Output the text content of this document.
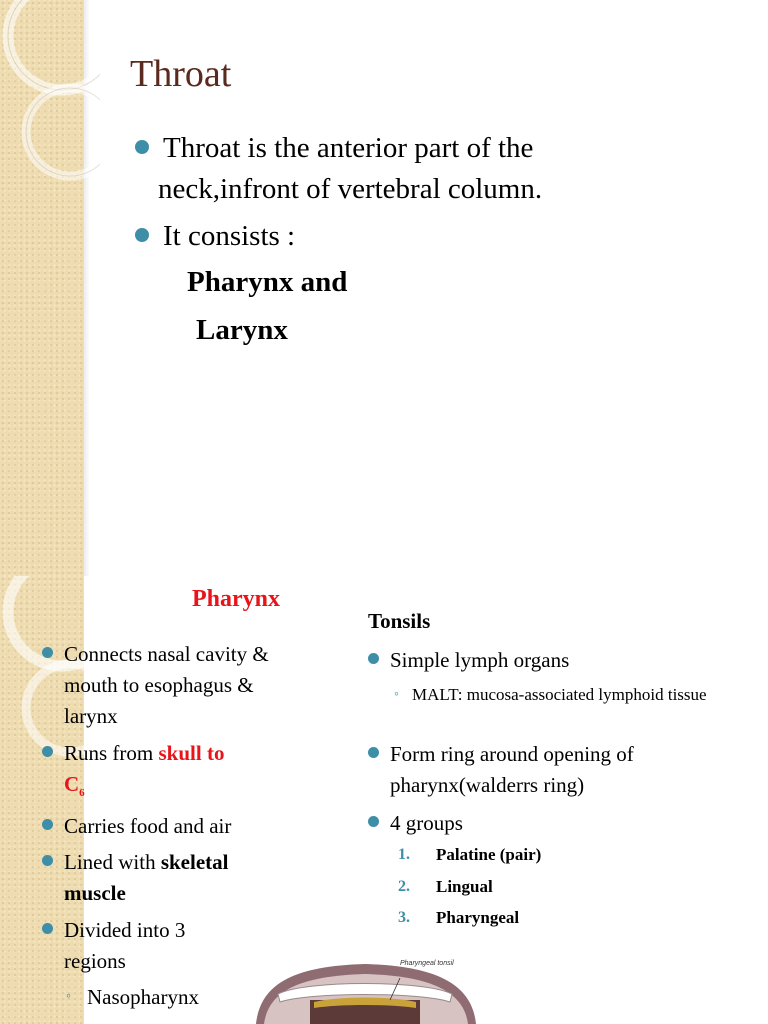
Throat
Throat is the anterior part of the
neck,infront of vertebral column.
It consists :
Pharynx and
Larynx
Pharynx
Connects nasal cavity & mouth to esophagus & larynx
Runs from skull to
$C_6$
Carries food and air
Lined with skeletal muscle
Divided into 3 regions
◦ Nasopharynx
Tonsils
Simple lymph organs
◦ MALT: mucosa-associated lymphoid tissue
Form ring around opening of pharynx(walderrs ring)
4 groups
1. Palatine (pair)
2. Lingual
3. Pharyngeal
Pharyngeal tonsil
